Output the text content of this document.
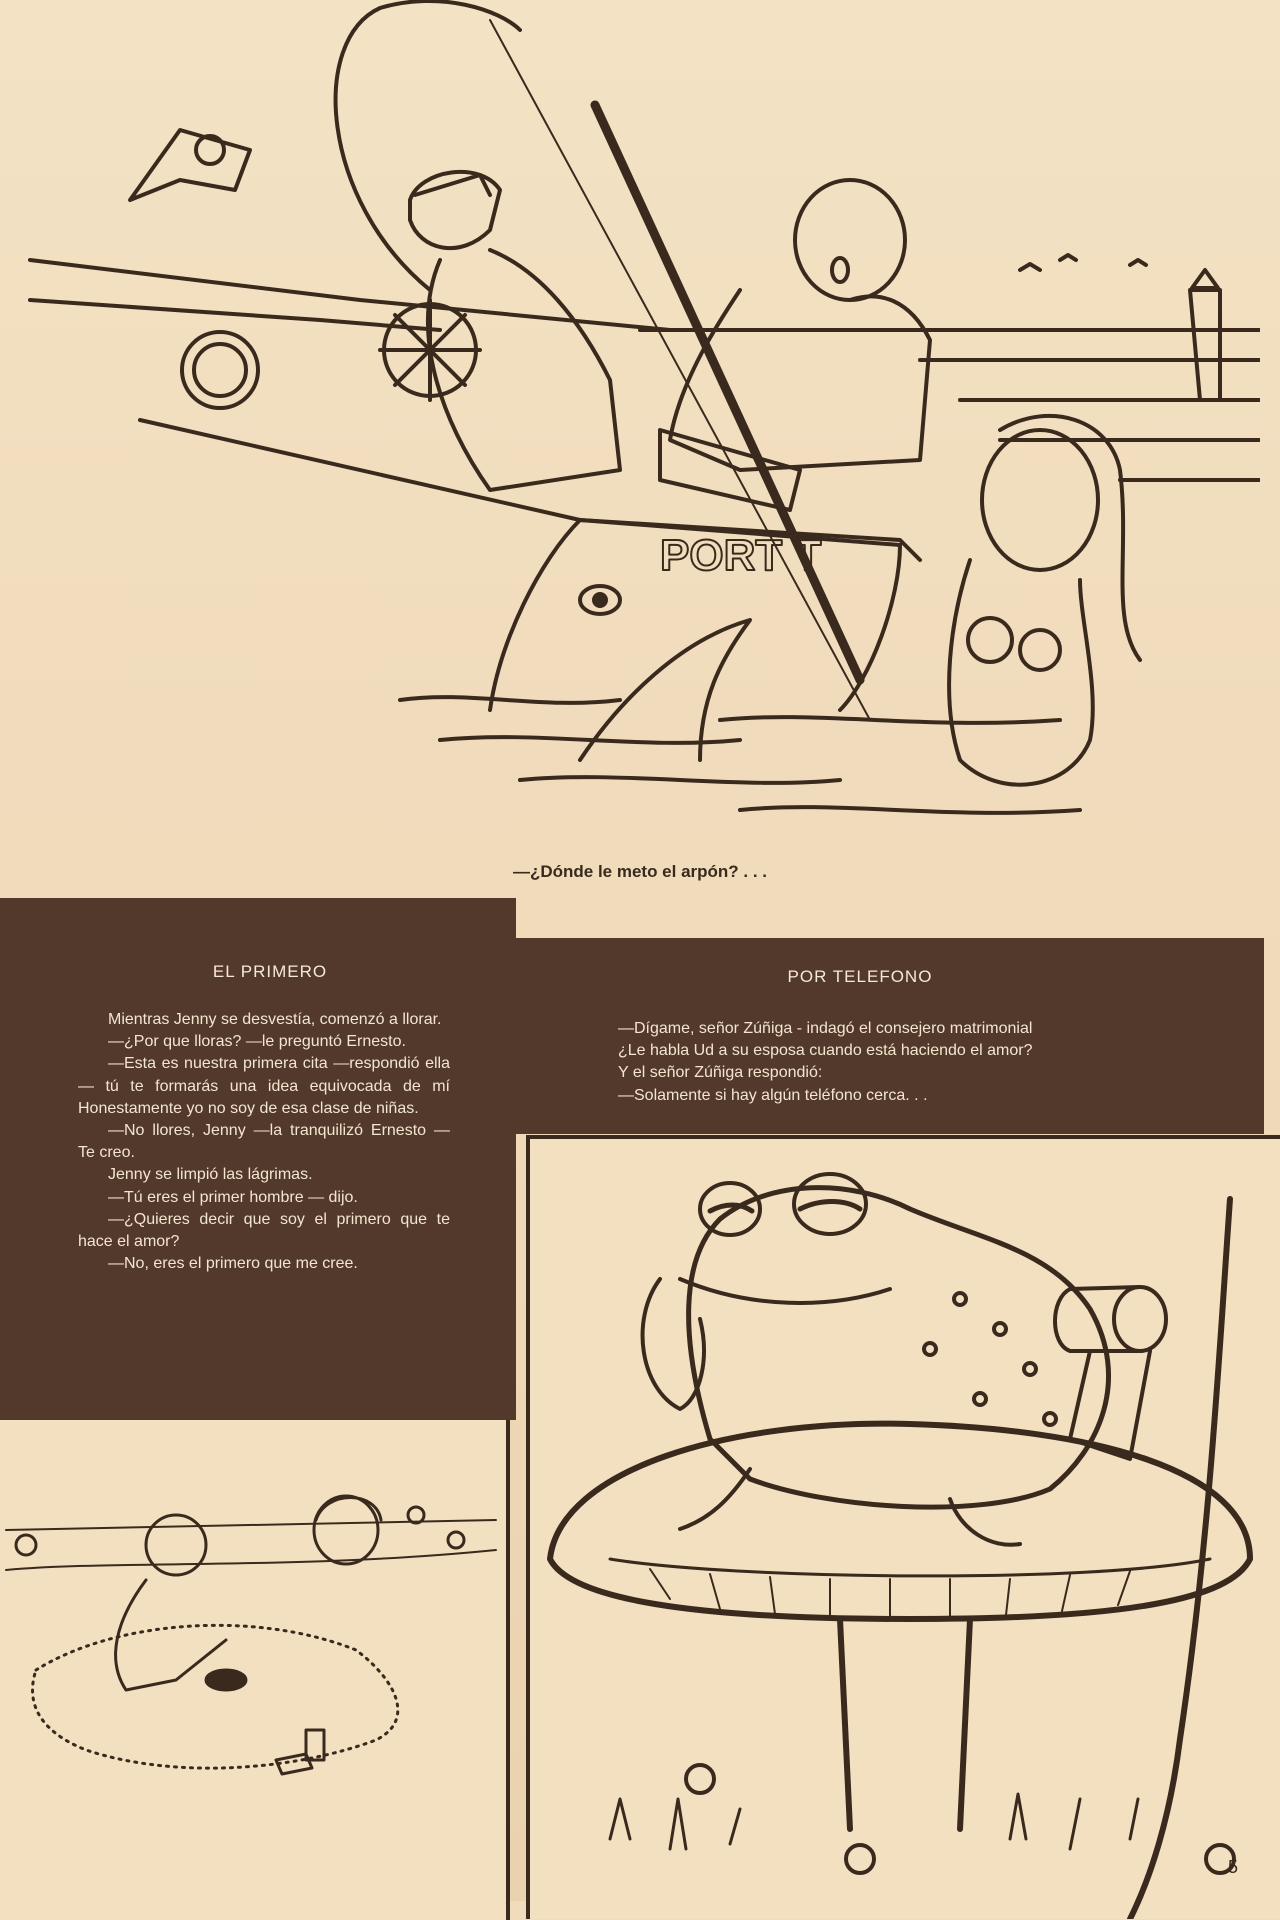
PORT T
—¿Dónde le meto el arpón? . . .
EL PRIMERO	POR TELEFONO

Mientras Jenny se desvestía, comenzó a llorar.

—¿Por que lloras? —le preguntó Ernesto.

—Esta es nuestra primera cita —respondió ella— tú te formarás una idea equivocada de mí Honestamente yo no soy de esa clase de niñas.

—No llores, Jenny —la tranquilizó Ernesto — Te creo.

Jenny se limpió las lágrimas.

—Tú eres el primer hombre — dijo.

—¿Quieres decir que soy el primero que te hace el amor?

—No, eres el primero que me cree.

—Dígame, señor Zúñiga - indagó el consejero matrimonial

¿Le habla Ud a su esposa cuando está haciendo el amor?

Y el señor Zúñiga respondió:

—Solamente si hay algún teléfono cerca. . .

5
